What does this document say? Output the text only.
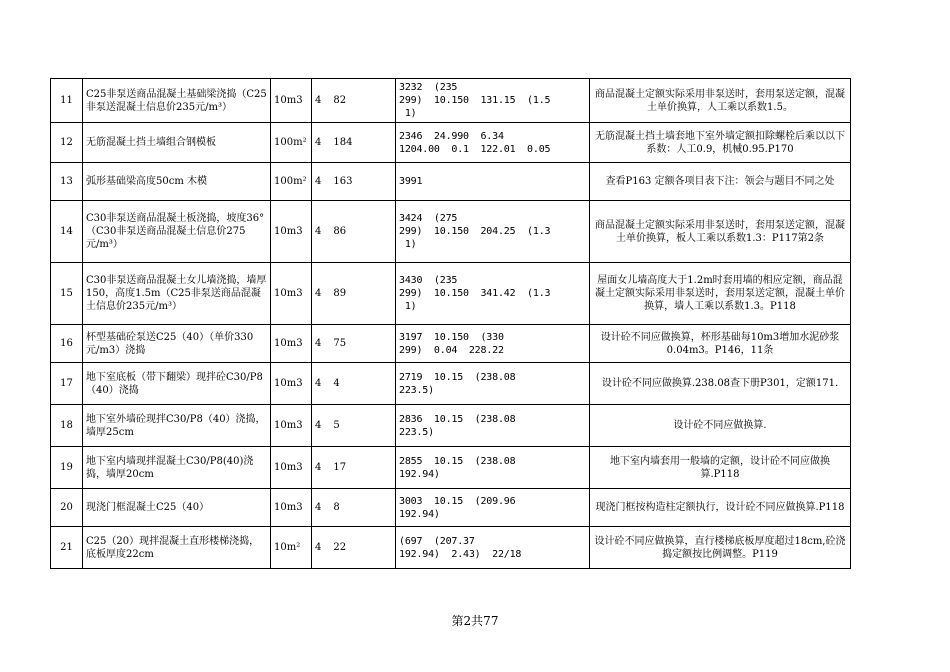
11	C25非泵送商品混凝土基础梁浇捣（C25非泵送混凝土信息价235元/m³）	10m3	4 82	3232  (235
299)  10.150  131.15  (1.5
1)	商品混凝土定额实际采用非泵送时，套用泵送定额，混凝土单价换算，人工乘以系数1.5。
12	无筋混凝土挡土墙组合钢模板	100m²	4 184	2346  24.990  6.34
1204.00  0.1  122.01  0.05	无筋混凝土挡土墙套地下室外墙定额扣除螺栓后乘以以下系数：人工0.9，机械0.95.P170
13	弧形基础梁高度50cm 木模	100m²	4 163	3991	查看P163 定额各项目表下注：领会与题目不同之处
14	C30非泵送商品混凝土板浇捣，坡度36°（C30非泵送商品混凝土信息价275元/m³）	10m3	4 86	3424  (275
299)  10.150  204.25  (1.3
1)	商品混凝土定额实际采用非泵送时，套用泵送定额，混凝土单价换算，板人工乘以系数1.3：P117第2条
15	C30非泵送商品混凝土女儿墙浇捣，墙厚150，高度1.5m（C25非泵送商品混凝土信息价235元/m³）	10m3	4 89	3430  (235
299)  10.150  341.42  (1.3
1)	屋面女儿墙高度大于1.2m时套用墙的相应定额，商品混凝土定额实际采用非泵送时，套用泵送定额，混凝土单价换算，墙人工乘以系数1.3。P118
16	杯型基础砼泵送C25（40）（单价330元/m3）浇捣	10m3	4 75	3197  10.150  (330
299)  0.04  228.22	设计砼不同应做换算，杯形基础每10m3增加水泥砂浆0.04m3。P146，11条
17	地下室底板（带下翻梁）现拌砼C30/P8（40）浇捣	10m3	4 4	2719  10.15  (238.08
223.5)	设计砼不同应做换算.238.08查下册P301，定额171.
18	地下室外墙砼现拌C30/P8（40）浇捣，墙厚25cm	10m3	4 5	2836  10.15  (238.08
223.5)	设计砼不同应做换算.
19	地下室内墙现拌混凝土C30/P8(40)浇捣，墙厚20cm	10m3	4 17	2855  10.15  (238.08
192.94)	地下室内墙套用一般墙的定额，设计砼不同应做换算.P118
20	现浇门框混凝土C25（40）	10m3	4 8	3003  10.15  (209.96
192.94)	现浇门框按构造柱定额执行，设计砼不同应做换算.P118
21	C25（20）现拌混凝土直形楼梯浇捣，底板厚度22cm	10m²	4 22	(697  (207.37
192.94)  2.43)  22/18	设计砼不同应做换算，直行楼梯底板厚度超过18cm,砼浇捣定额按比例调整。P119
第2共77
